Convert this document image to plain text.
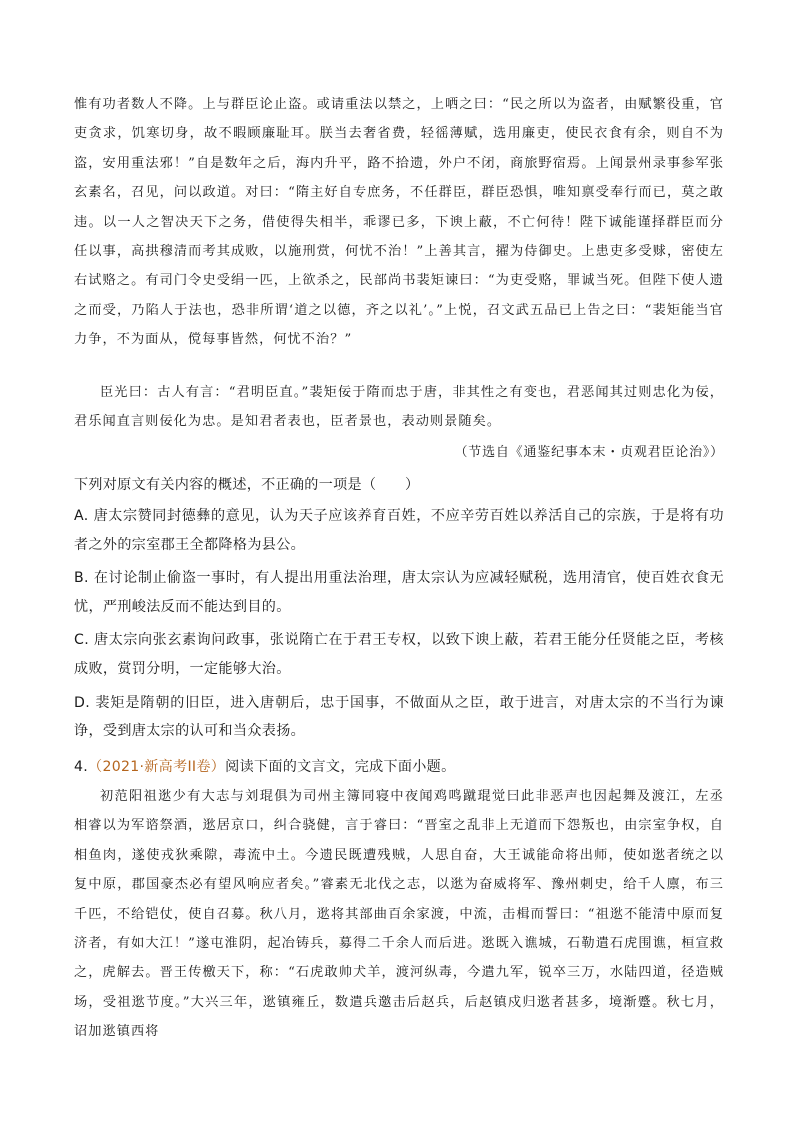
惟有功者数人不降。上与群臣论止盗。或请重法以禁之，上哂之曰：“民之所以为盗者，由赋繁役重，官吏贪求，饥寒切身，故不暇顾廉耻耳。朕当去奢省费，轻徭薄赋，选用廉吏，使民衣食有余，则自不为盗，安用重法邪！”自是数年之后，海内升平，路不拾遗，外户不闭，商旅野宿焉。上闻景州录事参军张玄素名，召见，问以政道。对曰：“隋主好自专庶务，不任群臣，群臣恐惧，唯知禀受奉行而已，莫之敢违。以一人之智决天下之务，借使得失相半，乖谬已多，下谀上蔽，不亡何待！陛下诚能谨择群臣而分任以事，高拱穆清而考其成败，以施刑赏，何忧不治！”上善其言，擢为侍御史。上患吏多受赇，密使左右试赂之。有司门令史受绢一匹，上欲杀之，民部尚书裴矩谏曰：“为吏受赂，罪诚当死。但陛下使人遗之而受，乃陷人于法也，恐非所谓‘道之以德，齐之以礼’。”上悦，召文武五品已上告之曰：“裴矩能当官力争，不为面从，傥每事皆然，何忧不治？”

臣光曰：古人有言：“君明臣直。”裴矩佞于隋而忠于唐，非其性之有变也，君恶闻其过则忠化为佞，君乐闻直言则佞化为忠。是知君者表也，臣者景也，表动则景随矣。

（节选自《通鉴纪事本末・贞观君臣论治》）

下列对原文有关内容的概述，不正确的一项是（　　）

A. 唐太宗赞同封德彝的意见，认为天子应该养育百姓，不应辛劳百姓以养活自己的宗族，于是将有功者之外的宗室郡王全都降格为县公。

B. 在讨论制止偷盗一事时，有人提出用重法治理，唐太宗认为应减轻赋税，选用清官，使百姓衣食无忧，严刑峻法反而不能达到目的。

C. 唐太宗向张玄素询问政事，张说隋亡在于君王专权，以致下谀上蔽，若君王能分任贤能之臣，考核成败，赏罚分明，一定能够大治。

D. 裴矩是隋朝的旧臣，进入唐朝后，忠于国事，不做面从之臣，敢于进言，对唐太宗的不当行为谏诤，受到唐太宗的认可和当众表扬。

4.（2021·新高考II卷）阅读下面的文言文，完成下面小题。

初范阳祖逖少有大志与刘琨俱为司州主簿同寝中夜闻鸡鸣蹴琨觉曰此非恶声也因起舞及渡江，左丞相睿以为军谘祭酒，逖居京口，纠合骁健，言于睿曰：“晋室之乱非上无道而下怨叛也，由宗室争权，自相鱼肉，遂使戎狄乘隙，毒流中土。今遗民既遭残贼，人思自奋，大王诚能命将出师，使如逖者统之以复中原，郡国豪杰必有望风响应者矣。”睿素无北伐之志，以逖为奋威将军、豫州刺史，给千人廪，布三千匹，不给铠仗，使自召募。秋八月，逖将其部曲百余家渡，中流，击楫而誓曰：“祖逖不能清中原而复济者，有如大江！”遂屯淮阴，起冶铸兵，募得二千余人而后进。逖既入谯城，石勒遣石虎围谯，桓宣救之，虎解去。晋王传檄天下，称：“石虎敢帅犬羊，渡河纵毒，今遣九军，锐卒三万，水陆四道，径造贼场，受祖逖节度。”大兴三年，逖镇雍丘，数遣兵邀击后赵兵，后赵镇戍归逖者甚多，境渐蹙。秋七月，诏加逖镇西将
